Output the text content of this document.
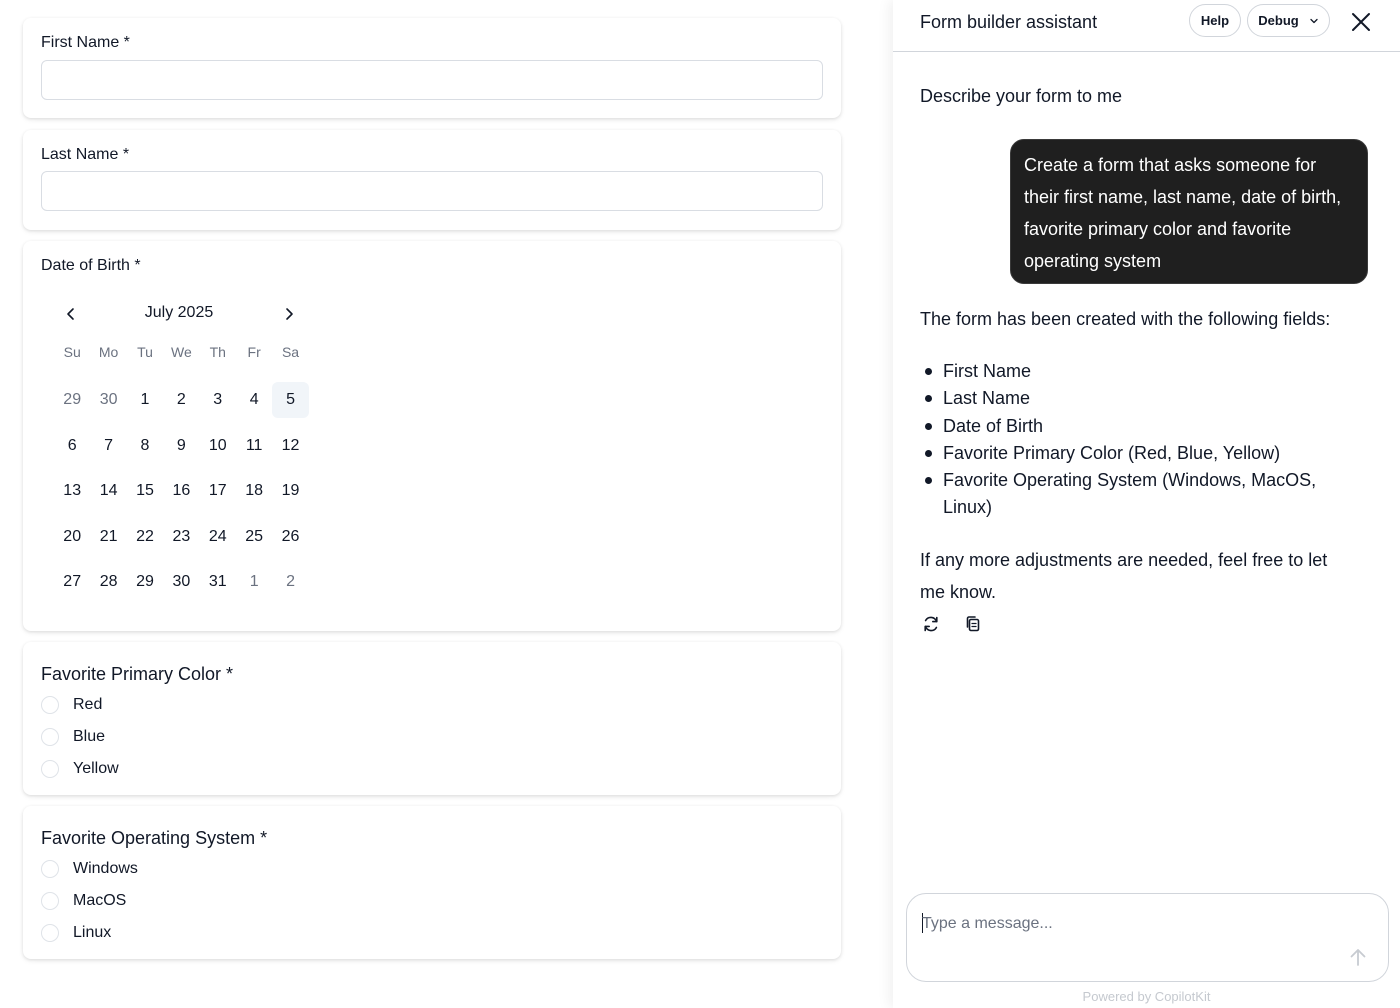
First Name *
Last Name *
Date of Birth *
July 2025
Su	Mo	Tu	We	Th	Fr	Sa
29	30	1	2	3	4	5
6	7	8	9	10	11	12
13	14	15	16	17	18	19
20	21	22	23	24	25	26
27	28	29	30	31	1	2
Favorite Primary Color *
Red
Blue
Yellow
Favorite Operating System *
Windows
MacOS
Linux
Form builder assistant	Help Debug
Describe your form to me
Create a form that asks someone for their first name, last name, date of birth, favorite primary color and favorite operating system
The form has been created with the following fields:
First Name
Last Name
Date of Birth
Favorite Primary Color (Red, Blue, Yellow)
Favorite Operating System (Windows, MacOS, Linux)
If any more adjustments are needed, feel free to let me know.
Type a message...
Powered by CopilotKit
